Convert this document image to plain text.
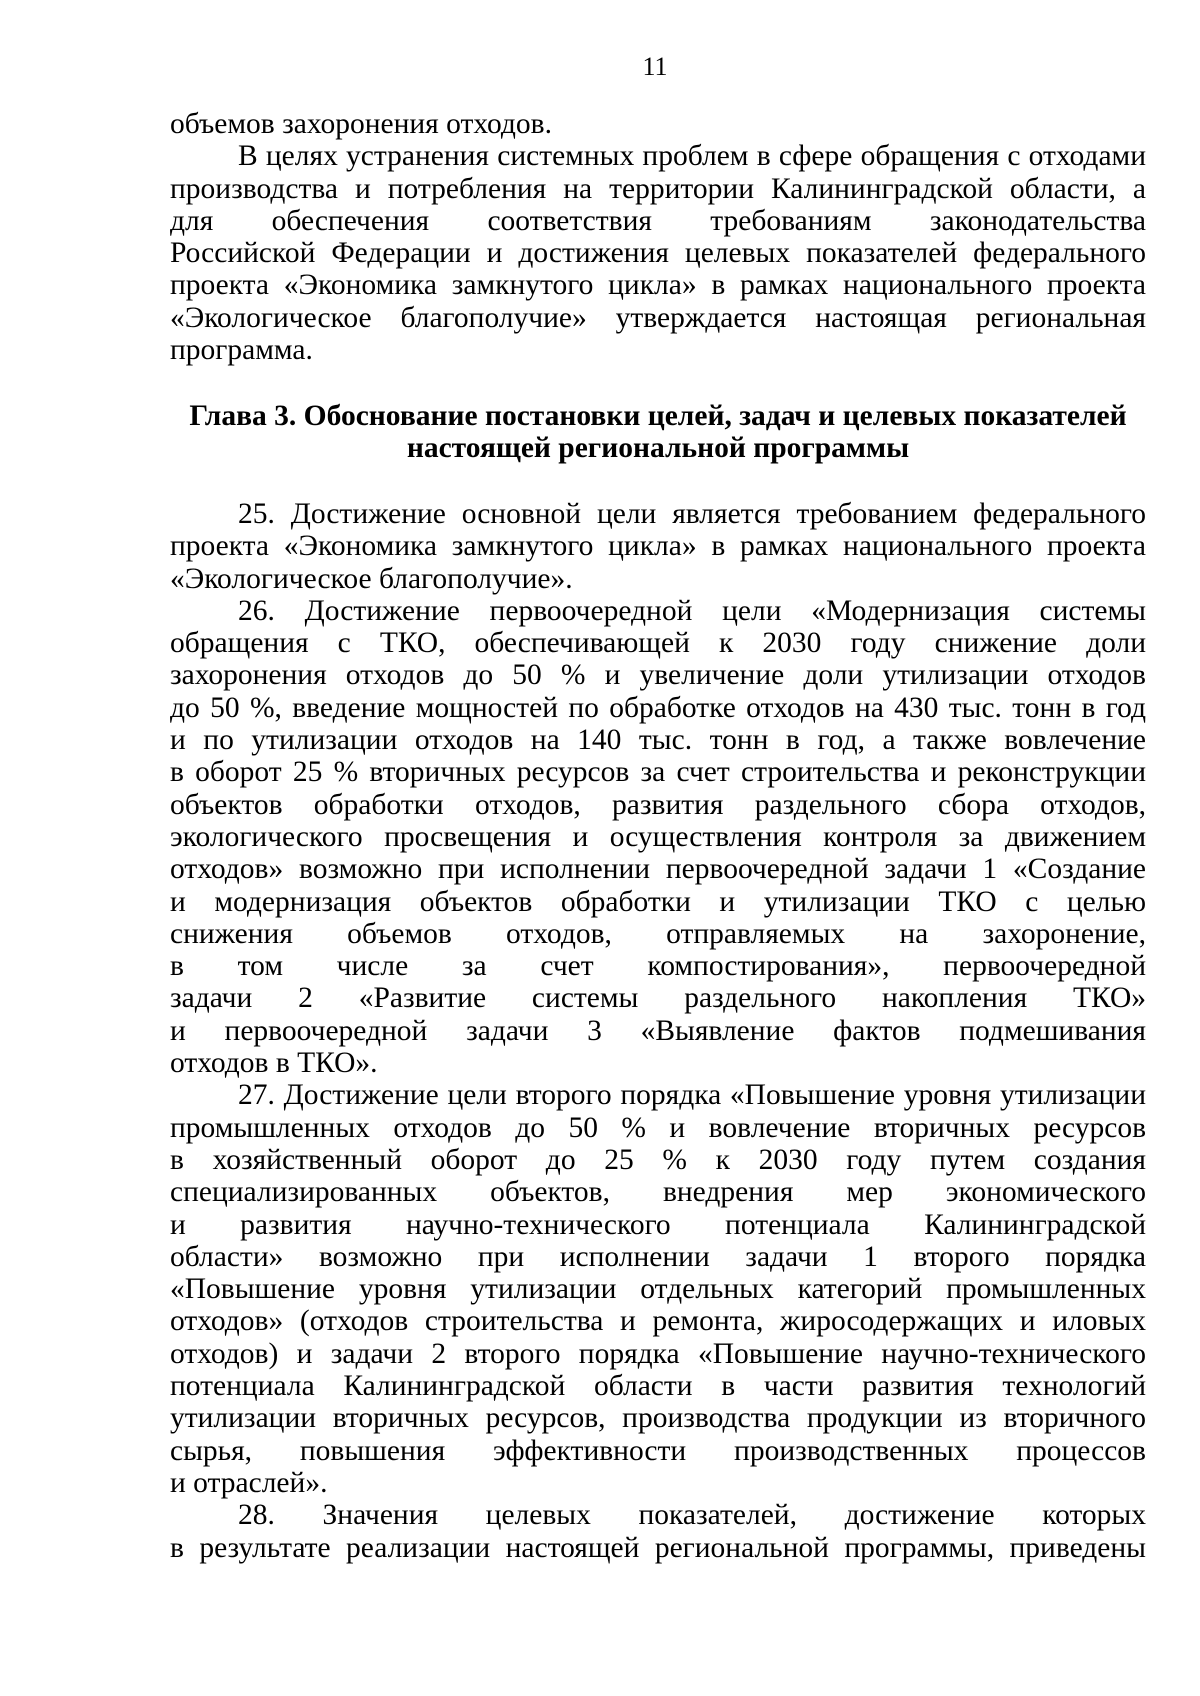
11
объемов захоронения отходов.
В целях устранения системных проблем в сфере обращения с отходами
производства и потребления на территории Калининградской области, а
для обеспечения соответствия требованиям законодательства
Российской Федерации и достижения целевых показателей федерального
проекта «Экономика замкнутого цикла» в рамках национального проекта
«Экологическое благополучие» утверждается настоящая региональная
программа.
Глава 3. Обоснование постановки целей, задач и целевых показателей
настоящей региональной программы
25. Достижение основной цели является требованием федерального
проекта «Экономика замкнутого цикла» в рамках национального проекта
«Экологическое благополучие».
26. Достижение первоочередной цели «Модернизация системы
обращения с ТКО, обеспечивающей к 2030 году снижение доли
захоронения отходов до 50 % и увеличение доли утилизации отходов
до 50 %, введение мощностей по обработке отходов на 430 тыс. тонн в год
и по утилизации отходов на 140 тыс. тонн в год, а также вовлечение
в оборот 25 % вторичных ресурсов за счет строительства и реконструкции
объектов обработки отходов, развития раздельного сбора отходов,
экологического просвещения и осуществления контроля за движением
отходов» возможно при исполнении первоочередной задачи 1 «Создание
и модернизация объектов обработки и утилизации ТКО с целью
снижения объемов отходов, отправляемых на захоронение,
в том числе за счет компостирования», первоочередной
задачи 2 «Развитие системы раздельного накопления ТКО»
и первоочередной задачи 3 «Выявление фактов подмешивания
отходов в ТКО».
27. Достижение цели второго порядка «Повышение уровня утилизации
промышленных отходов до 50 % и вовлечение вторичных ресурсов
в хозяйственный оборот до 25 % к 2030 году путем создания
специализированных объектов, внедрения мер экономического
и развития научно-технического потенциала Калининградской
области» возможно при исполнении задачи 1 второго порядка
«Повышение уровня утилизации отдельных категорий промышленных
отходов» (отходов строительства и ремонта, жиросодержащих и иловых
отходов) и задачи 2 второго порядка «Повышение научно-технического
потенциала Калининградской области в части развития технологий
утилизации вторичных ресурсов, производства продукции из вторичного
сырья, повышения эффективности производственных процессов
и отраслей».
28. Значения целевых показателей, достижение которых
в результате реализации настоящей региональной программы, приведены
